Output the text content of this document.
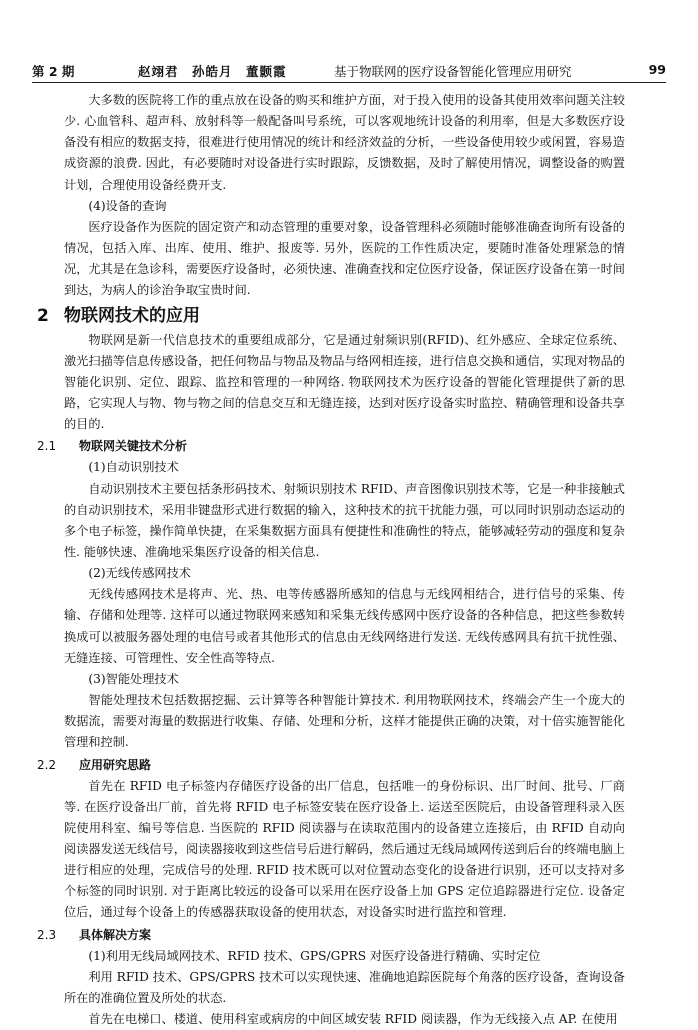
第 2 期	赵翊君　孙皓月　董颢霞	基于物联网的医疗设备智能化管理应用研究	99

大多数的医院将工作的重点放在设备的购买和维护方面，对于投入使用的设备其使用效率问题关注较少. 心血管科、超声科、放射科等一般配备叫号系统，可以客观地统计设备的利用率，但是大多数医疗设备没有相应的数据支持，很难进行使用情况的统计和经济效益的分析，一些设备使用较少或闲置，容易造成资源的浪费. 因此，有必要随时对设备进行实时跟踪，反馈数据，及时了解使用情况，调整设备的购置计划，合理使用设备经费开支.

(4)设备的查询

医疗设备作为医院的固定资产和动态管理的重要对象，设备管理科必须随时能够准确查询所有设备的情况，包括入库、出库、使用、维护、报废等. 另外，医院的工作性质决定，要随时准备处理紧急的情况，尤其是在急诊科，需要医疗设备时，必须快速、准确查找和定位医疗设备，保证医疗设备在第一时间到达，为病人的诊治争取宝贵时间.

2 物联网技术的应用

物联网是新一代信息技术的重要组成部分，它是通过射频识别(RFID)、红外感应、全球定位系统、激光扫描等信息传感设备，把任何物品与物品及物品与络网相连接，进行信息交换和通信，实现对物品的智能化识别、定位、跟踪、监控和管理的一种网络. 物联网技术为医疗设备的智能化管理提供了新的思路，它实现人与物、物与物之间的信息交互和无缝连接，达到对医疗设备实时监控、精确管理和设备共享的目的.

2.1 物联网关键技术分析

(1)自动识别技术

自动识别技术主要包括条形码技术、射频识别技术 RFID、声音图像识别技术等，它是一种非接触式的自动识别技术，采用非键盘形式进行数据的输入，这种技术的抗干扰能力强，可以同时识别动态运动的多个电子标签，操作简单快捷，在采集数据方面具有便捷性和准确性的特点，能够减轻劳动的强度和复杂性. 能够快速、准确地采集医疗设备的相关信息.

(2)无线传感网技术

无线传感网技术是将声、光、热、电等传感器所感知的信息与无线网相结合，进行信号的采集、传输、存储和处理等. 这样可以通过物联网来感知和采集无线传感网中医疗设备的各种信息，把这些参数转换成可以被服务器处理的电信号或者其他形式的信息由无线网络进行发送. 无线传感网具有抗干扰性强、无缝连接、可管理性、安全性高等特点.

(3)智能处理技术

智能处理技术包括数据挖掘、云计算等各种智能计算技术. 利用物联网技术，终端会产生一个庞大的数据流，需要对海量的数据进行收集、存储、处理和分析，这样才能提供正确的决策，对十倍实施智能化管理和控制.

2.2 应用研究思路

首先在 RFID 电子标签内存储医疗设备的出厂信息，包括唯一的身份标识、出厂时间、批号、厂商等. 在医疗设备出厂前，首先将 RFID 电子标签安装在医疗设备上. 运送至医院后，由设备管理科录入医院使用科室、编号等信息. 当医院的 RFID 阅读器与在读取范围内的设备建立连接后，由 RFID 自动向阅读器发送无线信号，阅读器接收到这些信号后进行解码，然后通过无线局域网传送到后台的终端电脑上进行相应的处理，完成信号的处理. RFID 技术既可以对位置动态变化的设备进行识别，还可以支持对多个标签的同时识别. 对于距离比较远的设备可以采用在医疗设备上加 GPS 定位追踪器进行定位. 设备定位后，通过每个设备上的传感器获取设备的使用状态，对设备实时进行监控和管理.

2.3 具体解决方案

(1)利用无线局域网技术、RFID 技术、GPS/GPRS 对医疗设备进行精确、实时定位

利用 RFID 技术、GPS/GPRS 技术可以实现快速、准确地追踪医院每个角落的医疗设备，查询设备所在的准确位置及所处的状态.

首先在电梯口、楼道、使用科室或病房的中间区域安装 RFID 阅读器，作为无线接入点 AP. 在使用
